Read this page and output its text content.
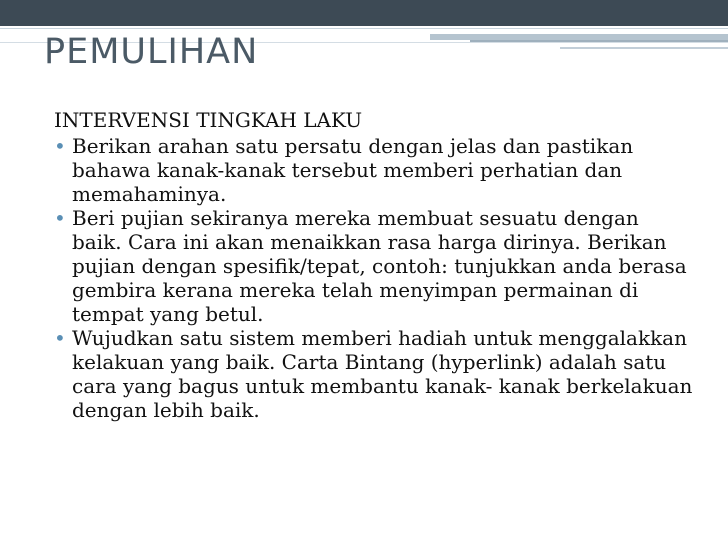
PEMULIHAN

INTERVENSI TINGKAH LAKU

• Berikan arahan satu persatu dengan jelas dan pastikan bahawa kanak-kanak tersebut memberi perhatian dan memahaminya.
• Beri pujian sekiranya mereka membuat sesuatu dengan baik. Cara ini akan menaikkan rasa harga dirinya. Berikan pujian dengan spesifik/tepat, contoh: tunjukkan anda berasa gembira kerana mereka telah menyimpan permainan di tempat yang betul.
• Wujudkan satu sistem memberi hadiah untuk menggalakkan kelakuan yang baik. Carta Bintang (hyperlink) adalah satu cara yang bagus untuk membantu kanak- kanak berkelakuan dengan lebih baik.
